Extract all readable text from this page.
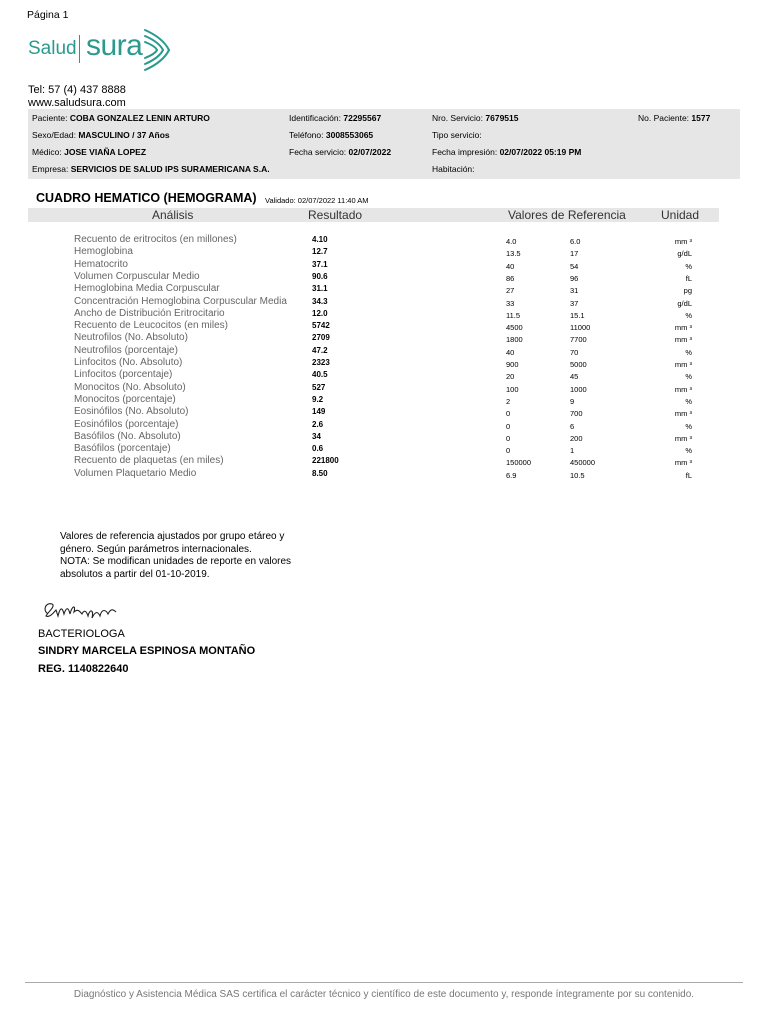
Página 1
Salud sura
Tel: 57 (4) 437 8888
www.saludsura.com
Paciente: COBA GONZALEZ LENIN ARTURO	Identificación: 72295567	Nro. Servicio: 7679515	No. Paciente: 1577
Sexo/Edad: MASCULINO / 37 Años	Teléfono: 3008553065	Tipo servicio:
Médico: JOSE VIAÑA LOPEZ	Fecha servicio: 02/07/2022	Fecha impresión: 02/07/2022 05:19 PM
Empresa: SERVICIOS DE SALUD IPS SURAMERICANA S.A.	Habitación:
CUADRO HEMATICO (HEMOGRAMA) Validado: 02/07/2022 11:40 AM
Análisis	Resultado	Valores de Referencia	Unidad
Recuento de eritrocitos (en millones)	4.10	4.0	6.0	mm ³
Hemoglobina	12.7	13.5	17	g/dL
Hematocrito	37.1	40	54	%
Volumen Corpuscular Medio	90.6	86	96	fL
Hemoglobina Media Corpuscular	31.1	27	31	pg
Concentración Hemoglobina Corpuscular Media	34.3	33	37	g/dL
Ancho de Distribución Eritrocitario	12.0	11.5	15.1	%
Recuento de Leucocitos (en miles)	5742	4500	11000	mm ³
Neutrofilos (No. Absoluto)	2709	1800	7700	mm ³
Neutrofilos (porcentaje)	47.2	40	70	%
Linfocitos (No. Absoluto)	2323	900	5000	mm ³
Linfocitos (porcentaje)	40.5	20	45	%
Monocitos (No. Absoluto)	527	100	1000	mm ³
Monocitos (porcentaje)	9.2	2	9	%
Eosinófilos (No. Absoluto)	149	0	700	mm ³
Eosinófilos (porcentaje)	2.6	0	6	%
Basófilos (No. Absoluto)	34	0	200	mm ³
Basófilos (porcentaje)	0.6	0	1	%
Recuento de plaquetas (en miles)	221800	150000	450000	mm ³
Volumen Plaquetario Medio	8.50	6.9	10.5	fL
Valores de referencia ajustados por grupo etáreo y
género. Según parámetros internacionales.
NOTA: Se modifican unidades de reporte en valores
absolutos a partir del 01-10-2019.
BACTERIOLOGA
SINDRY MARCELA ESPINOSA MONTAÑO
REG. 1140822640
Diagnóstico y Asistencia Médica SAS certifica el carácter técnico y científico de este documento y, responde íntegramente por su contenido.
